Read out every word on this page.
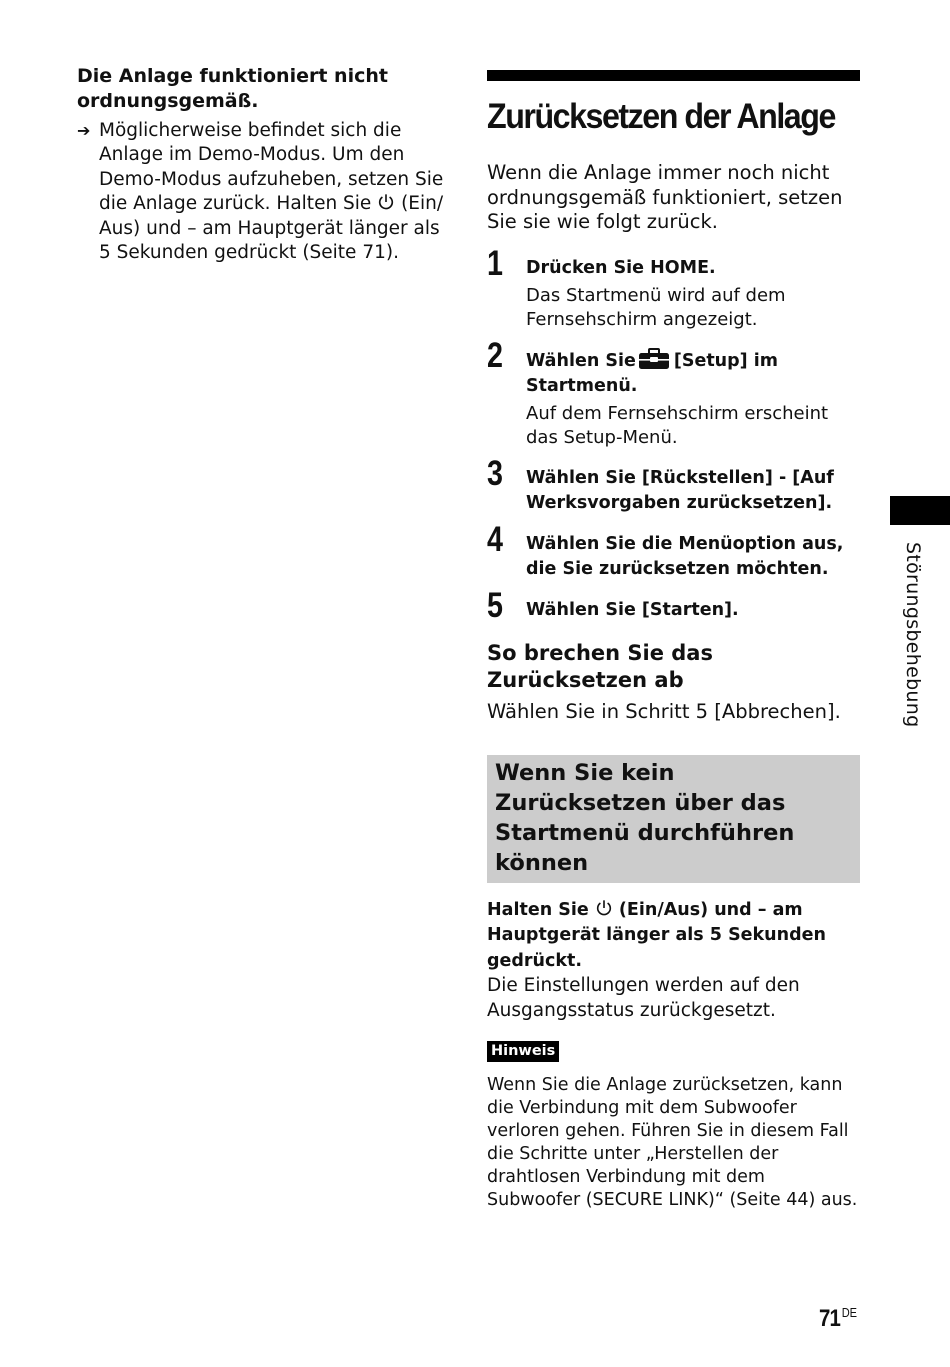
Die Anlage funktioniert nicht ordnungsgemäß.

➔ Möglicherweise befindet sich die Anlage im Demo-Modus. Um den Demo-Modus aufzuheben, setzen Sie die Anlage zurück. Halten Sie  (Ein/ Aus) und – am Hauptgerät länger als 5 Sekunden gedrückt (Seite 71).
Zurücksetzen der Anlage
Wenn die Anlage immer noch nicht ordnungsgemäß funktioniert, setzen Sie sie wie folgt zurück.
1	Drücken Sie HOME.
Das Startmenü wird auf dem Fernsehschirm angezeigt.
2	Wählen Sie [Setup] im Startmenü.
Auf dem Fernsehschirm erscheint das Setup-Menü.
3	Wählen Sie [Rückstellen] - [Auf Werksvorgaben zurücksetzen].
4	Wählen Sie die Menüoption aus, die Sie zurücksetzen möchten.
5	Wählen Sie [Starten].
So brechen Sie das Zurücksetzen ab
Wählen Sie in Schritt 5 [Abbrechen].
Wenn Sie kein Zurücksetzen über das Startmenü durchführen können
Halten Sie (Ein/Aus) und – am Hauptgerät länger als 5 Sekunden gedrückt.
Die Einstellungen werden auf den Ausgangsstatus zurückgesetzt.
Hinweis
Wenn Sie die Anlage zurücksetzen, kann die Verbindung mit dem Subwoofer verloren gehen. Führen Sie in diesem Fall die Schritte unter „Herstellen der drahtlosen Verbindung mit dem Subwoofer (SECURE LINK)“ (Seite 44) aus.
Störungsbehebung
71 $^{DE}$
